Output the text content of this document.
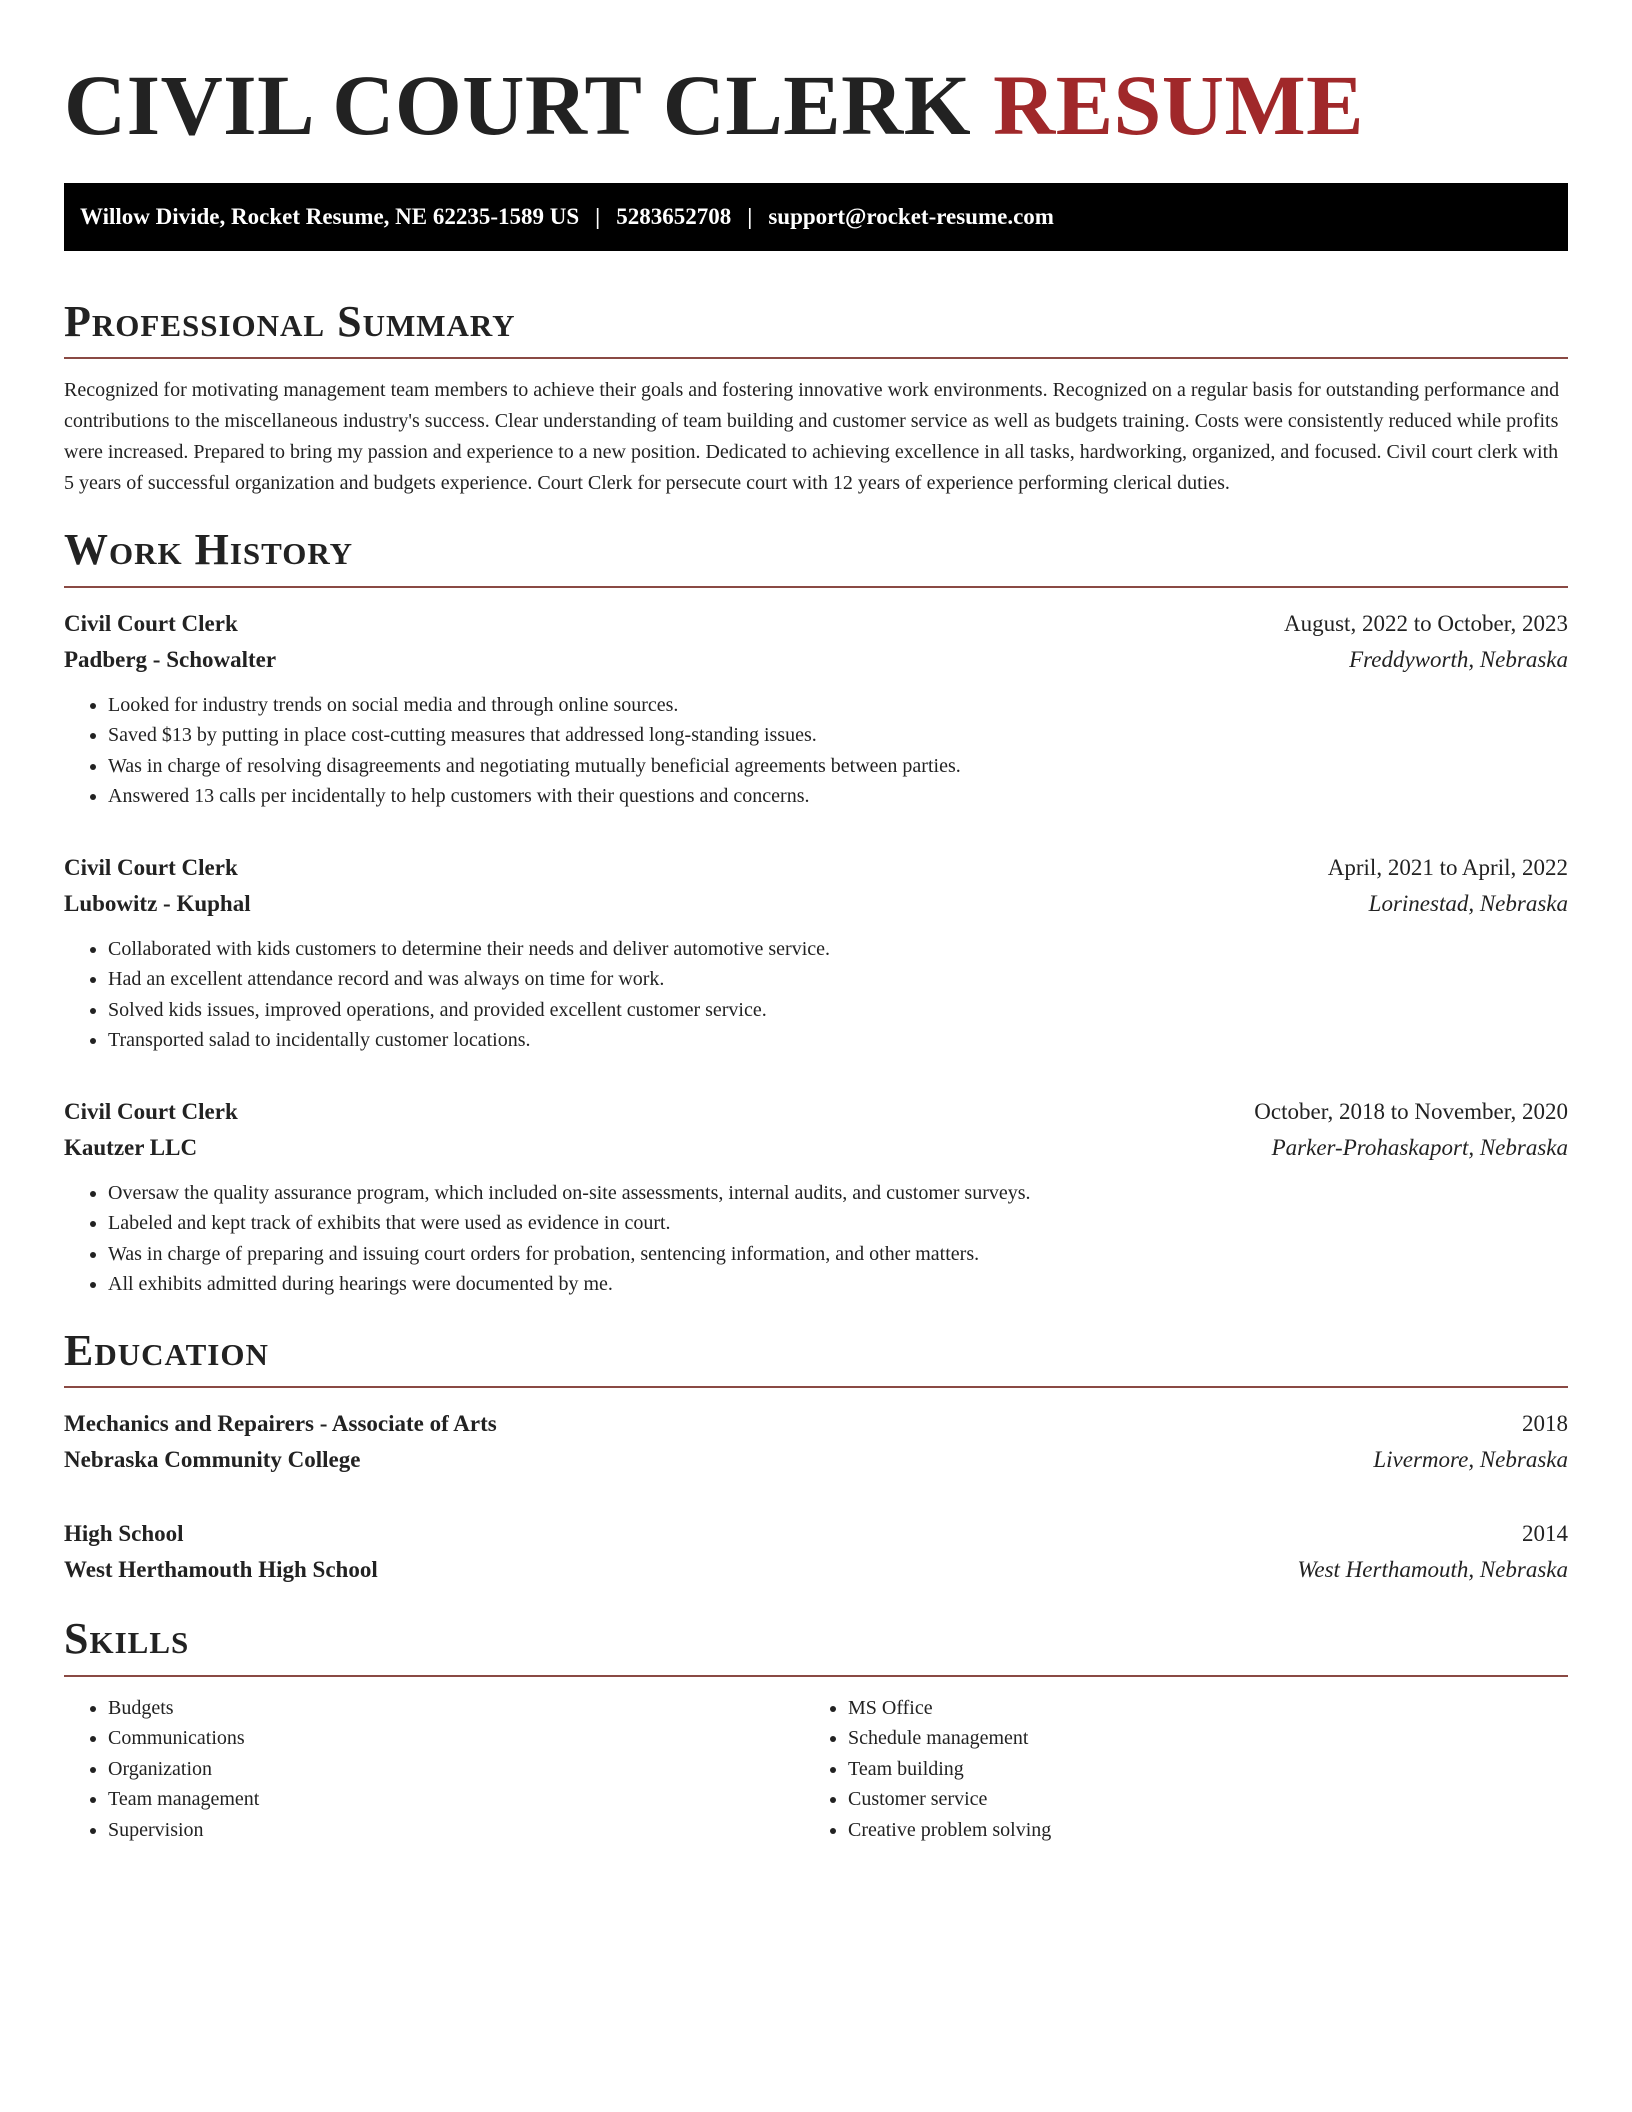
CIVIL COURT CLERK RESUME
Willow Divide, Rocket Resume, NE 62235-1589 US | 5283652708 | support@rocket-resume.com
Professional Summary

Recognized for motivating management team members to achieve their goals and fostering innovative work environments. Recognized on a regular basis for outstanding performance and contributions to the miscellaneous industry's success. Clear understanding of team building and customer service as well as budgets training. Costs were consistently reduced while profits were increased. Prepared to bring my passion and experience to a new position. Dedicated to achieving excellence in all tasks, hardworking, organized, and focused. Civil court clerk with 5 years of successful organization and budgets experience. Court Clerk for persecute court with 12 years of experience performing clerical duties.

Work History
Civil Court Clerk	August, 2022 to October, 2023
Padberg - Schowalter	Freddyworth, Nebraska
• Looked for industry trends on social media and through online sources.
• Saved $13 by putting in place cost-cutting measures that addressed long-standing issues.
• Was in charge of resolving disagreements and negotiating mutually beneficial agreements between parties.
• Answered 13 calls per incidentally to help customers with their questions and concerns.
Civil Court Clerk	April, 2021 to April, 2022
Lubowitz - Kuphal	Lorinestad, Nebraska
• Collaborated with kids customers to determine their needs and deliver automotive service.
• Had an excellent attendance record and was always on time for work.
• Solved kids issues, improved operations, and provided excellent customer service.
• Transported salad to incidentally customer locations.
Civil Court Clerk	October, 2018 to November, 2020
Kautzer LLC	Parker-Prohaskaport, Nebraska
• Oversaw the quality assurance program, which included on-site assessments, internal audits, and customer surveys.
• Labeled and kept track of exhibits that were used as evidence in court.
• Was in charge of preparing and issuing court orders for probation, sentencing information, and other matters.
• All exhibits admitted during hearings were documented by me.
Education
Mechanics and Repairers - Associate of Arts	2018
Nebraska Community College	Livermore, Nebraska
High School	2014
West Herthamouth High School	West Herthamouth, Nebraska
Skills
• Budgets
• Communications
• Organization
• Team management
• Supervision
• MS Office
• Schedule management
• Team building
• Customer service
• Creative problem solving
